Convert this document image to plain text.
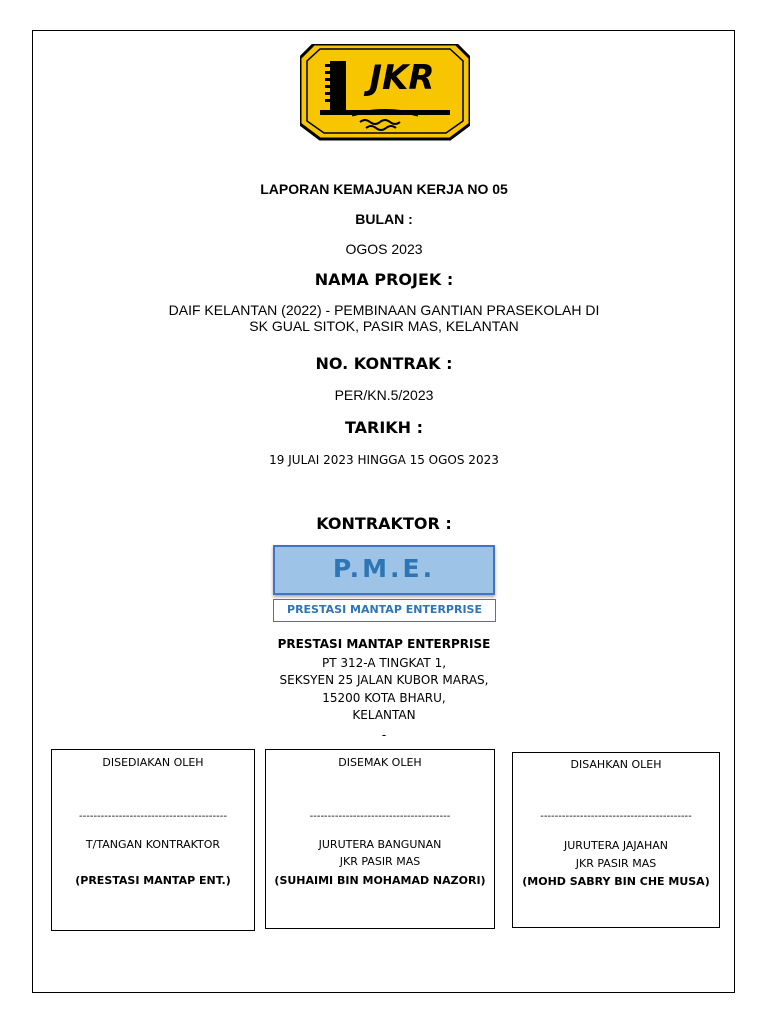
JKR
LAPORAN KEMAJUAN KERJA NO 05
BULAN :
OGOS 2023
NAMA PROJEK :
DAIF KELANTAN (2022) - PEMBINAAN GANTIAN PRASEKOLAH DI
SK GUAL SITOK, PASIR MAS, KELANTAN
NO. KONTRAK :
PER/KN.5/2023
TARIKH :
19 JULAI 2023 HINGGA 15 OGOS 2023
KONTRAKTOR :
P.M.E.
PRESTASI MANTAP ENTERPRISE
PRESTASI MANTAP ENTERPRISE
PT 312-A TINGKAT 1,
SEKSYEN 25 JALAN KUBOR MARAS,
15200 KOTA BHARU,
KELANTAN
-
DISEDIAKAN OLEH
-----------------------------------------
T/TANGAN KONTRAKTOR
(PRESTASI MANTAP ENT.)
DISEMAK OLEH
---------------------------------------
JURUTERA BANGUNAN
JKR PASIR MAS
(SUHAIMI BIN MOHAMAD NAZORI)
DISAHKAN OLEH
------------------------------------------
JURUTERA JAJAHAN
JKR PASIR MAS
(MOHD SABRY BIN CHE MUSA)
